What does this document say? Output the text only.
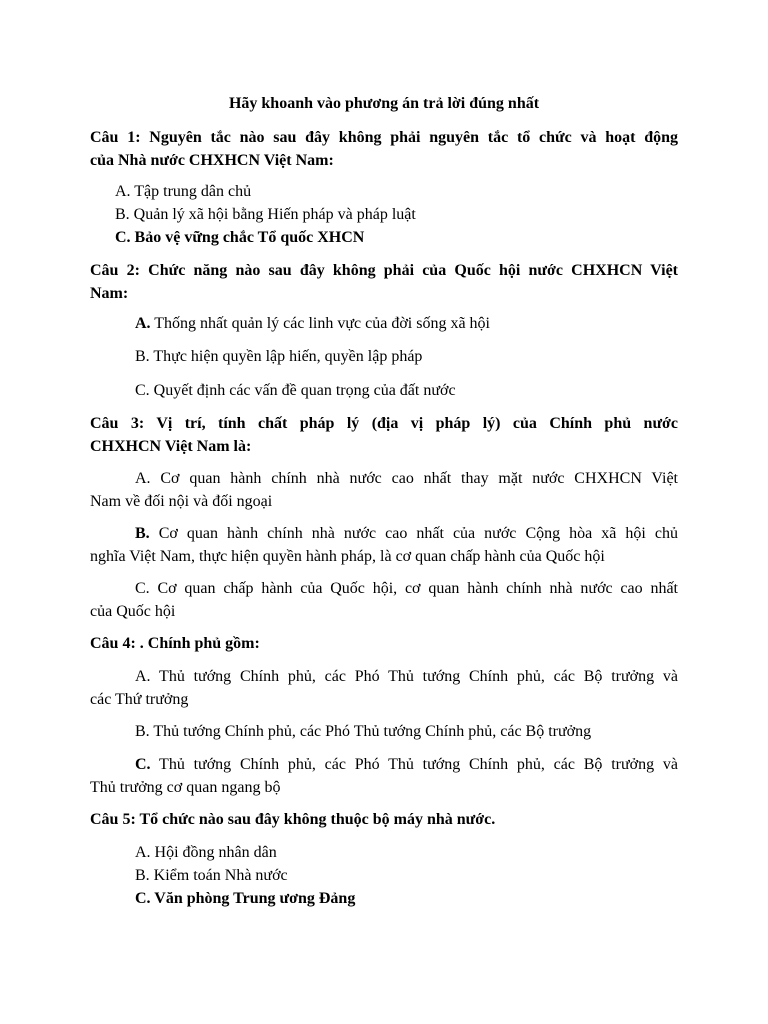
Hãy khoanh vào phương án trả lời đúng nhất
Câu 1: Nguyên tắc nào sau đây không phải nguyên tắc tổ chức và hoạt động
của Nhà nước CHXHCN Việt Nam:
A. Tập trung dân chủ
B. Quản lý xã hội bằng Hiến pháp và pháp luật
C. Bảo vệ vững chắc Tổ quốc XHCN
Câu 2: Chức năng nào sau đây không phải của Quốc hội nước CHXHCN Việt
Nam:
A. Thống nhất quản lý các linh vực của đời sống xã hội
B. Thực hiện quyền lập hiến, quyền lập pháp
C. Quyết định các vấn đề quan trọng của đất nước
Câu 3: Vị trí, tính chất pháp lý (địa vị pháp lý) của Chính phủ nước
CHXHCN Việt Nam là:
A. Cơ quan hành chính nhà nước cao nhất thay mặt nước CHXHCN Việt
Nam về đối nội và đối ngoại
B. Cơ quan hành chính nhà nước cao nhất của nước Cộng hòa xã hội chủ
nghĩa Việt Nam, thực hiện quyền hành pháp, là cơ quan chấp hành của Quốc hội
C. Cơ quan chấp hành của Quốc hội, cơ quan hành chính nhà nước cao nhất
của Quốc hội
Câu 4: . Chính phủ gồm:
A. Thủ tướng Chính phủ, các Phó Thủ tướng Chính phủ, các Bộ trưởng và
các Thứ trưởng
B. Thủ tướng Chính phủ, các Phó Thủ tướng Chính phủ, các Bộ trưởng
C. Thủ tướng Chính phủ, các Phó Thủ tướng Chính phủ, các Bộ trưởng và
Thủ trưởng cơ quan ngang bộ
Câu 5: Tổ chức nào sau đây không thuộc bộ máy nhà nước.
A. Hội đồng nhân dân
B. Kiểm toán Nhà nước
C. Văn phòng Trung ương Đảng
